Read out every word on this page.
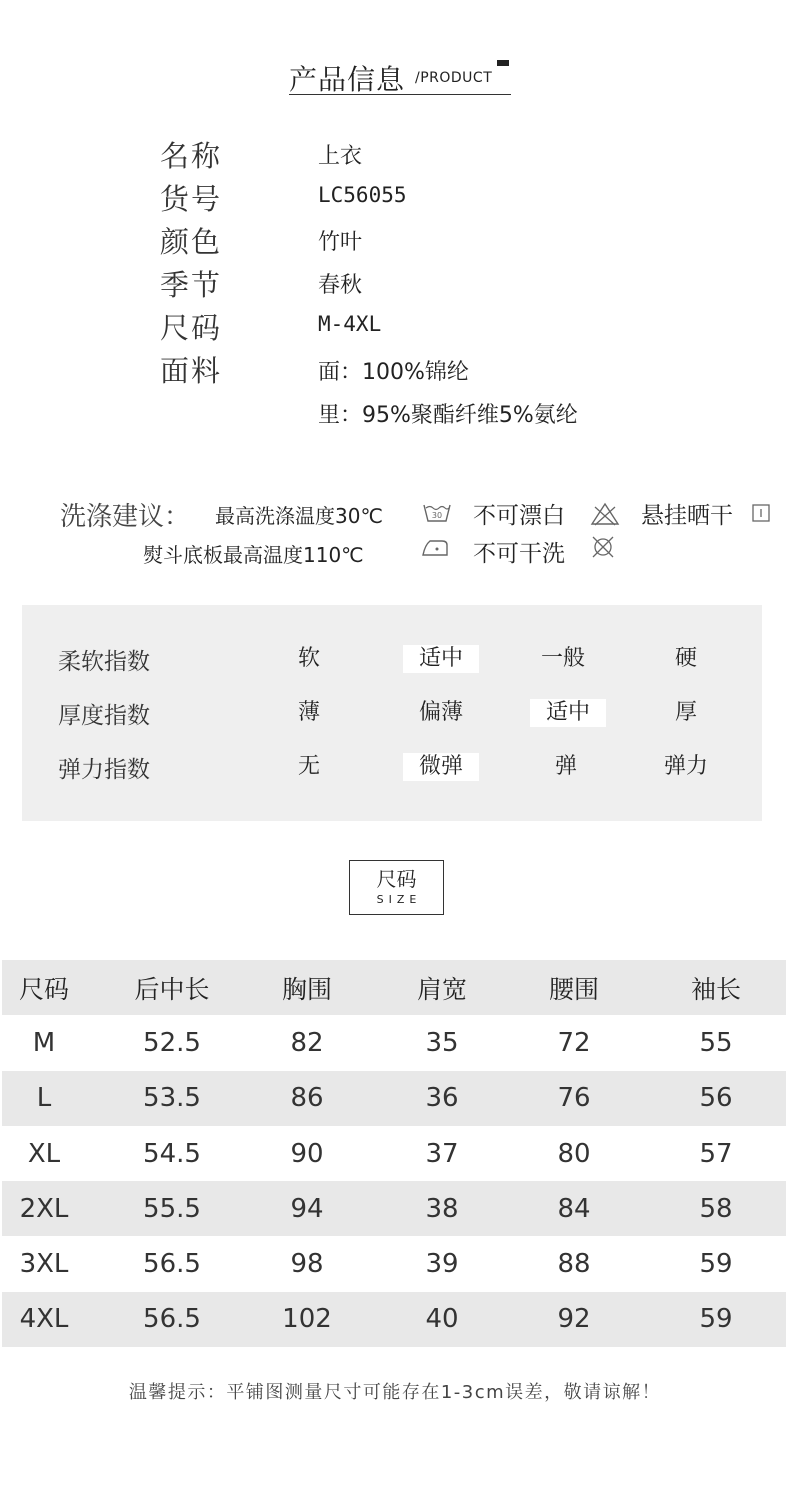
产品信息 /PRODUCT
名称	上衣
货号	LC56055
颜色	竹叶
季节	春秋
尺码	M-4XL
面料	面：100%锦纶
里：95%聚酯纤维5%氨纶
洗涤建议： 最高洗涤温度30℃	30 不可漂白	悬挂晒干
熨斗底板最高温度110℃	不可干洗
柔软指数	软	适中	一般	硬
厚度指数	薄	偏薄	适中	厚
弹力指数	无	微弹	弹	弹力
尺码
SIZE
尺码	后中长	胸围	肩宽	腰围	袖长
M	52.5	82	35	72	55
L	53.5	86	36	76	56
XL	54.5	90	37	80	57
2XL	55.5	94	38	84	58
3XL	56.5	98	39	88	59
4XL	56.5	102	40	92	59
温馨提示：平铺图测量尺寸可能存在1-3cm误差，敬请谅解！
